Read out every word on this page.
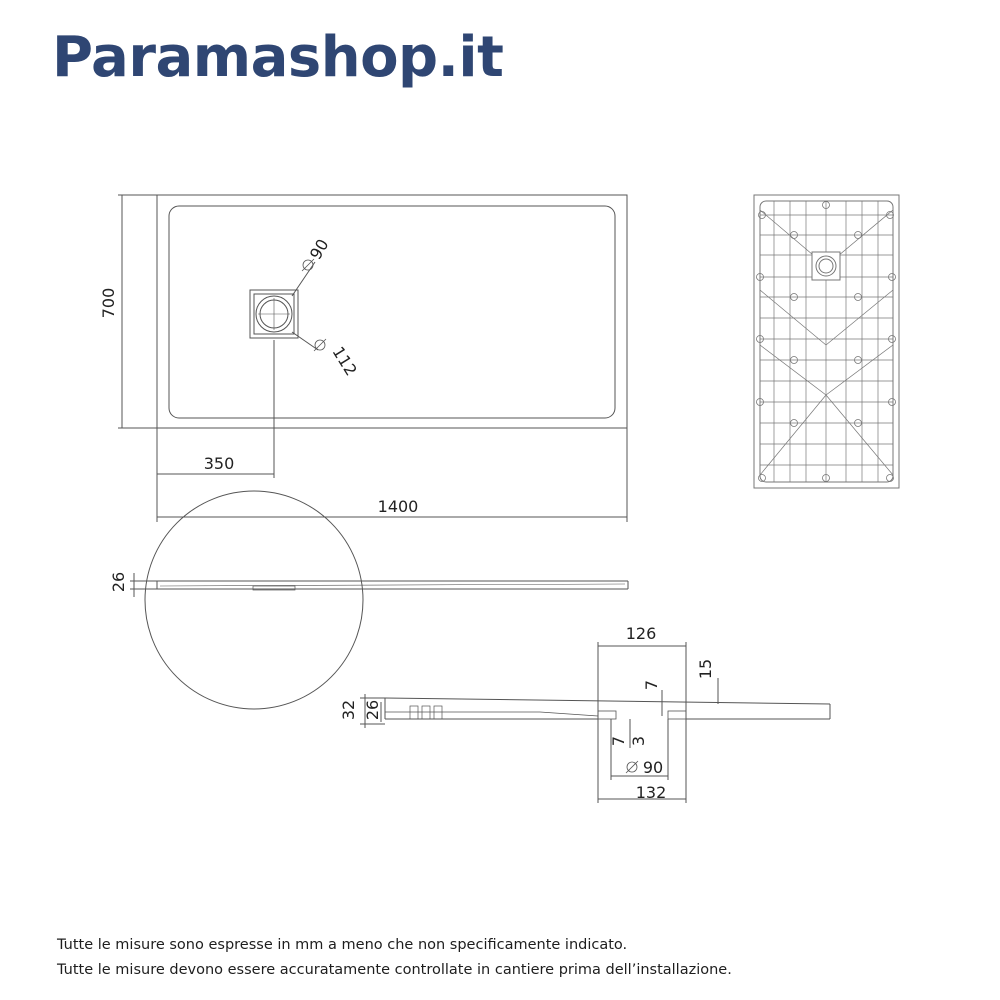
Paramashop.it
700
350
1400
90
112
26
32 26
126
15
7
7 3
90
132
Tutte le misure sono espresse in mm a meno che non specificamente indicato.
Tutte le misure devono essere accuratamente controllate in cantiere prima dell’installazione.
